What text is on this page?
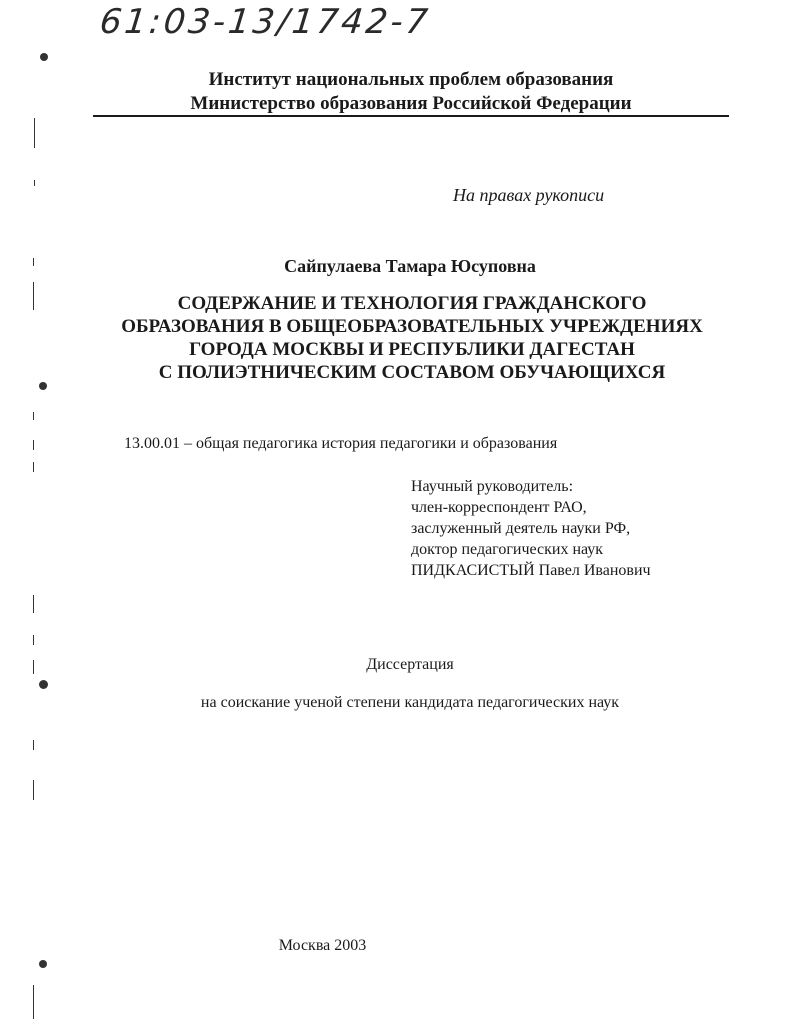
61:03-13/1742-7
Институт национальных проблем образования
Министерство образования Российской Федерации
На правах рукописи
Сайпулаева Тамара Юсуповна
СОДЕРЖАНИЕ И ТЕХНОЛОГИЯ ГРАЖДАНСКОГО
ОБРАЗОВАНИЯ В ОБЩЕОБРАЗОВАТЕЛЬНЫХ УЧРЕЖДЕНИЯХ
ГОРОДА МОСКВЫ И РЕСПУБЛИКИ ДАГЕСТАН
С ПОЛИЭТНИЧЕСКИМ СОСТАВОМ ОБУЧАЮЩИХСЯ
13.00.01 – общая педагогика история педагогики и образования
Научный руководитель:
член-корреспондент РАО,
заслуженный деятель науки РФ,
доктор педагогических наук
ПИДКАСИСТЫЙ Павел Иванович
Диссертация
на соискание ученой степени кандидата педагогических наук
Москва 2003
